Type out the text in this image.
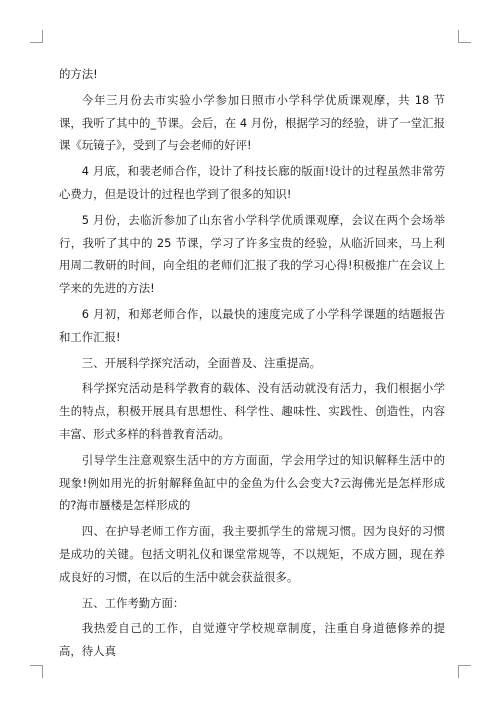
的方法!

今年三月份去市实验小学参加日照市小学科学优质课观摩，共 18 节课，我听了其中的_节课。会后，在 4 月份，根据学习的经验，讲了一堂汇报课《玩镜子》，受到了与会老师的好评!

4 月底，和裴老师合作，设计了科技长廊的版面!设计的过程虽然非常劳心费力，但是设计的过程也学到了很多的知识!

5 月份，去临沂参加了山东省小学科学优质课观摩，会议在两个会场举行，我听了其中的 25 节课，学习了许多宝贵的经验，从临沂回来，马上利用周二教研的时间，向全组的老师们汇报了我的学习心得!积极推广在会议上学来的先进的方法!

6 月初，和郑老师合作，以最快的速度完成了小学科学课题的结题报告和工作汇报!

三、开展科学探究活动，全面普及、注重提高。

科学探究活动是科学教育的载体、没有活动就没有活力，我们根据小学生的特点，积极开展具有思想性、科学性、趣味性、实践性、创造性，内容丰富、形式多样的科普教育活动。

引导学生注意观察生活中的方方面面，学会用学过的知识解释生活中的现象!例如用光的折射解释鱼缸中的金鱼为什么会变大?云海佛光是怎样形成的?海市蜃楼是怎样形成的

四、在护导老师工作方面，我主要抓学生的常规习惯。因为良好的习惯是成功的关键。包括文明礼仪和课堂常规等，不以规矩，不成方圆，现在养成良好的习惯，在以后的生活中就会获益很多。

五、工作考勤方面：

我热爱自己的工作，自觉遵守学校规章制度，注重自身道德修养的提高，待人真
